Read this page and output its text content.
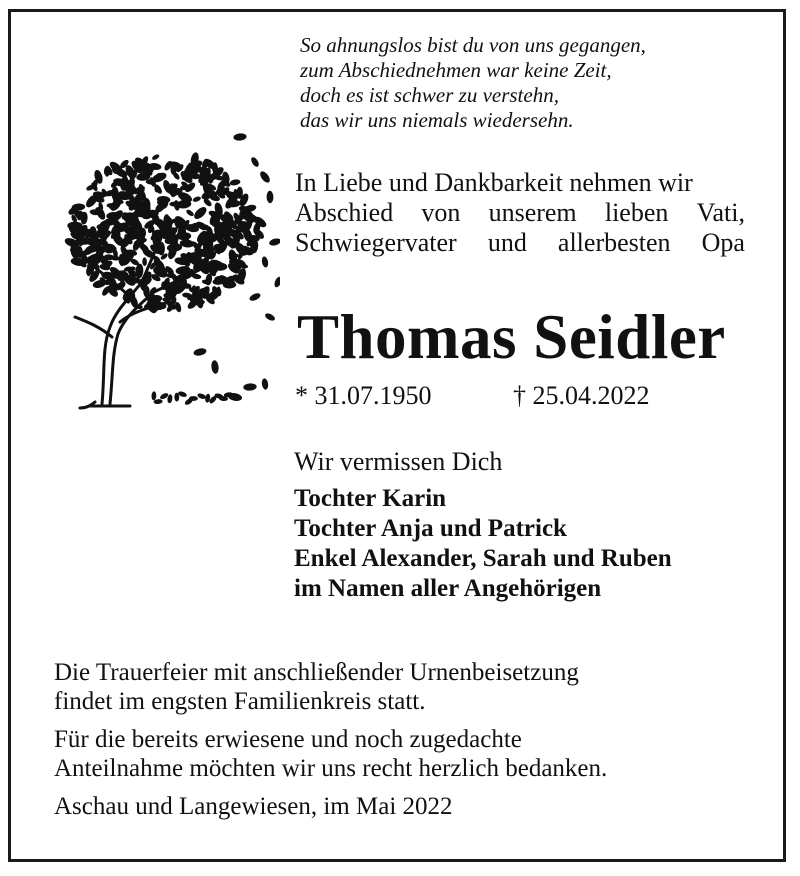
So ahnungslos bist du von uns gegangen,
zum Abschiednehmen war keine Zeit,
doch es ist schwer zu verstehn,
das wir uns niemals wiedersehn.
In Liebe und Dankbarkeit nehmen wir
Abschied von unserem lieben Vati,
Schwiegervater und allerbesten Opa
Thomas Seidler
* 31.07.1950	† 25.04.2022
Wir vermissen Dich
Tochter Karin
Tochter Anja und Patrick
Enkel Alexander, Sarah und Ruben
im Namen aller Angehörigen

Die Trauerfeier mit anschließender Urnenbeisetzung
findet im engsten Familienkreis statt.

Für die bereits erwiesene und noch zugedachte
Anteilnahme möchten wir uns recht herzlich bedanken.

Aschau und Langewiesen, im Mai 2022
